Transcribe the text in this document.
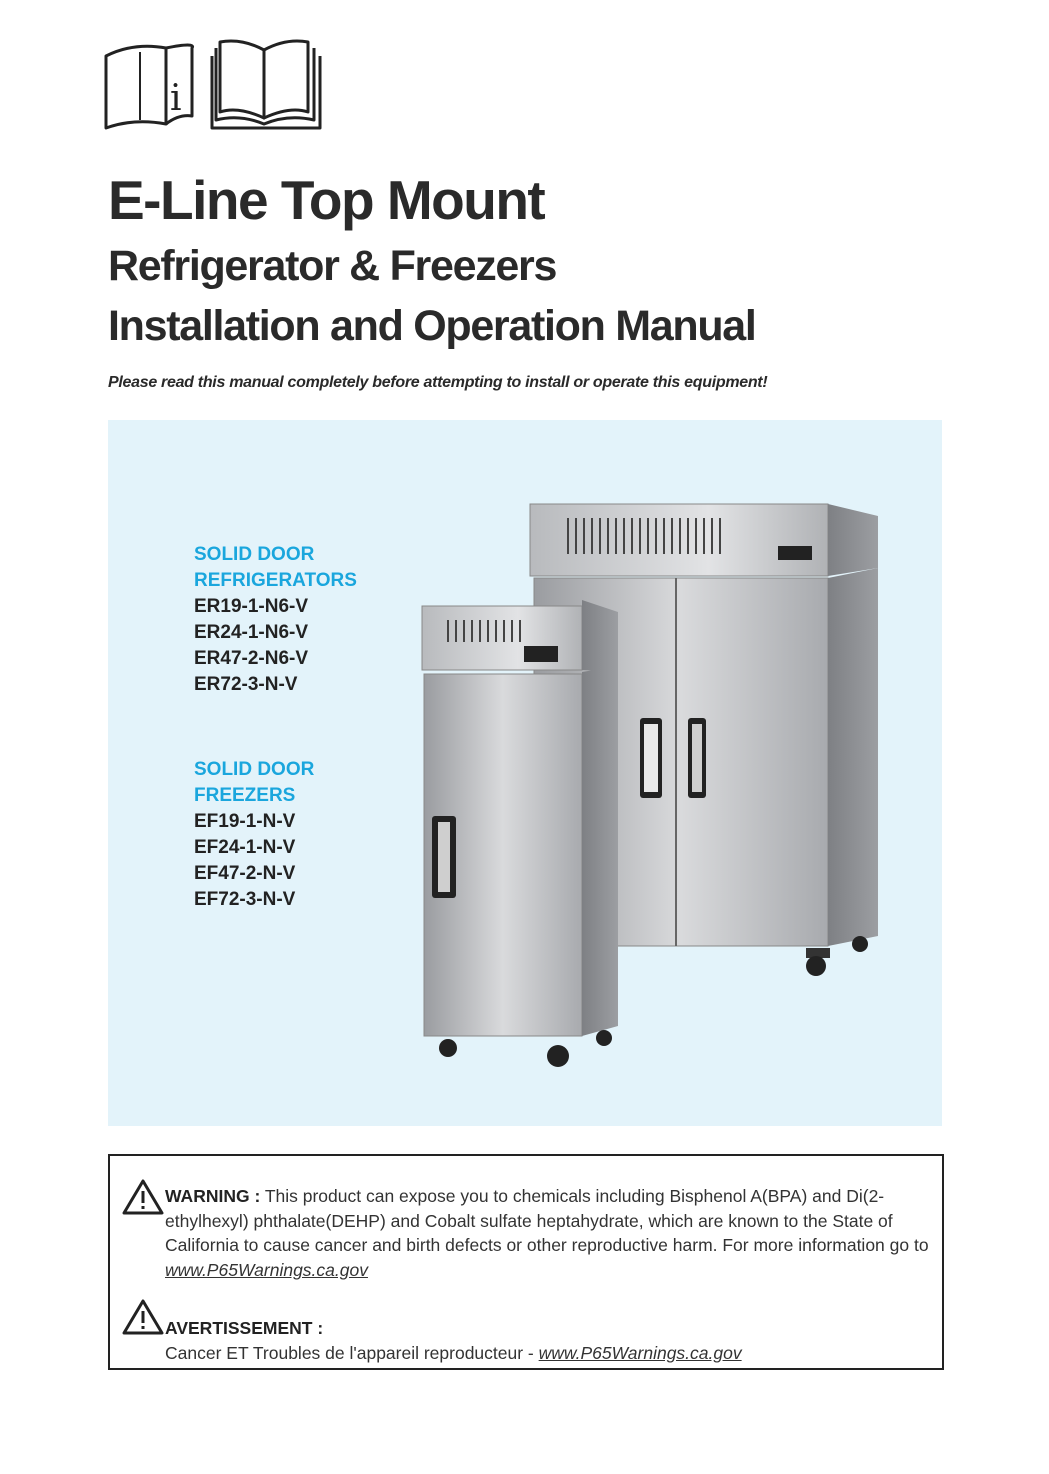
i
E-Line Top Mount
Refrigerator & Freezers
Installation and Operation Manual
Please read this manual completely before attempting to install or operate this equipment!
SOLID DOOR
REFRIGERATORS
ER19-1-N6-V
ER24-1-N6-V
ER47-2-N6-V
ER72-3-N-V
SOLID DOOR
FREEZERS
EF19-1-N-V
EF24-1-N-V
EF47-2-N-V
EF72-3-N-V
WARNING : This product can expose you to chemicals including Bisphenol A(BPA) and Di(2-ethylhexyl) phthalate(DEHP) and Cobalt sulfate heptahydrate, which are known to the State of California to cause cancer and birth defects or other reproductive harm. For more information go to www.P65Warnings.ca.gov
AVERTISSEMENT :
Cancer ET Troubles de l'appareil reproducteur - www.P65Warnings.ca.gov
